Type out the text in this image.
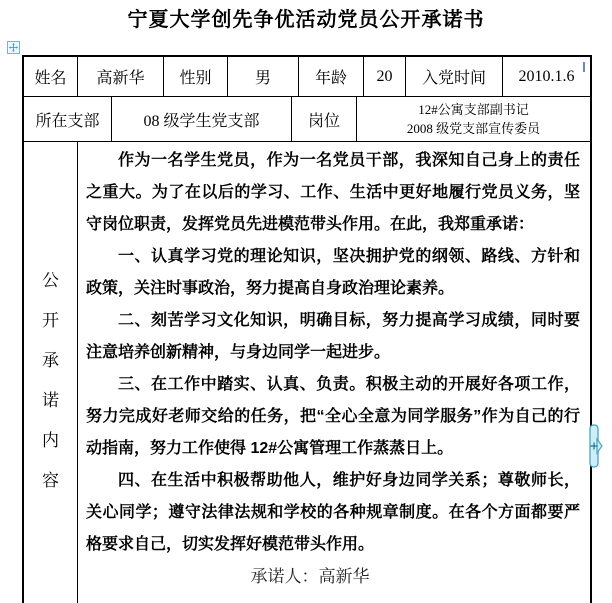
宁夏大学创先争优活动党员公开承诺书
姓名	高新华	性别	男	年龄	20	入党时间	2010.1.6
所在支部	08 级学生党支部	岗位
12#公寓支部副书记
2008 级党支部宣传委员
公
开
承
诺
内
容

作为一名学生党员，作为一名党员干部，我深知自己身上的责任之重大。为了在以后的学习、工作、生活中更好地履行党员义务，坚守岗位职责，发挥党员先进模范带头作用。在此，我郑重承诺：

一、认真学习党的理论知识，坚决拥护党的纲领、路线、方针和政策，关注时事政治，努力提高自身政治理论素养。

二、刻苦学习文化知识，明确目标，努力提高学习成绩，同时要注意培养创新精神，与身边同学一起进步。

三、在工作中踏实、认真、负责。积极主动的开展好各项工作，努力完成好老师交给的任务，把“全心全意为同学服务”作为自己的行动指南，努力工作使得 12#公寓管理工作蒸蒸日上。

四、在生活中积极帮助他人，维护好身边同学关系；尊敬师长，关心同学；遵守法律法规和学校的各种规章制度。在各个方面都要严格要求自己，切实发挥好模范带头作用。

承诺人：高新华
